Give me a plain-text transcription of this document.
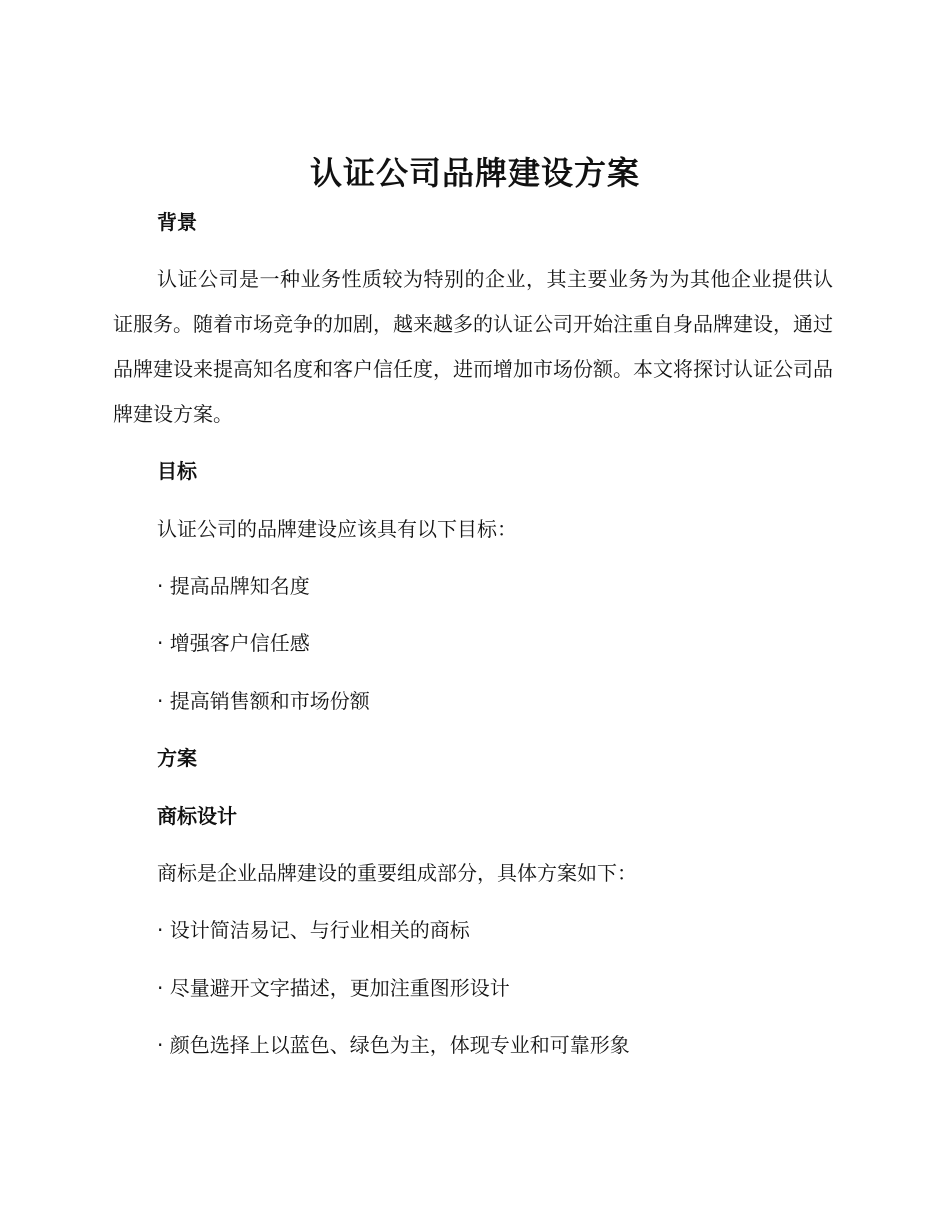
认证公司品牌建设方案
背景

认证公司是一种业务性质较为特别的企业，其主要业务为为其他企业提供认证服务。随着市场竞争的加剧，越来越多的认证公司开始注重自身品牌建设，通过品牌建设来提高知名度和客户信任度，进而增加市场份额。本文将探讨认证公司品牌建设方案。

目标

认证公司的品牌建设应该具有以下目标：

· 提高品牌知名度

· 增强客户信任感

· 提高销售额和市场份额

方案
商标设计

商标是企业品牌建设的重要组成部分，具体方案如下：

· 设计简洁易记、与行业相关的商标

· 尽量避开文字描述，更加注重图形设计

· 颜色选择上以蓝色、绿色为主，体现专业和可靠形象
